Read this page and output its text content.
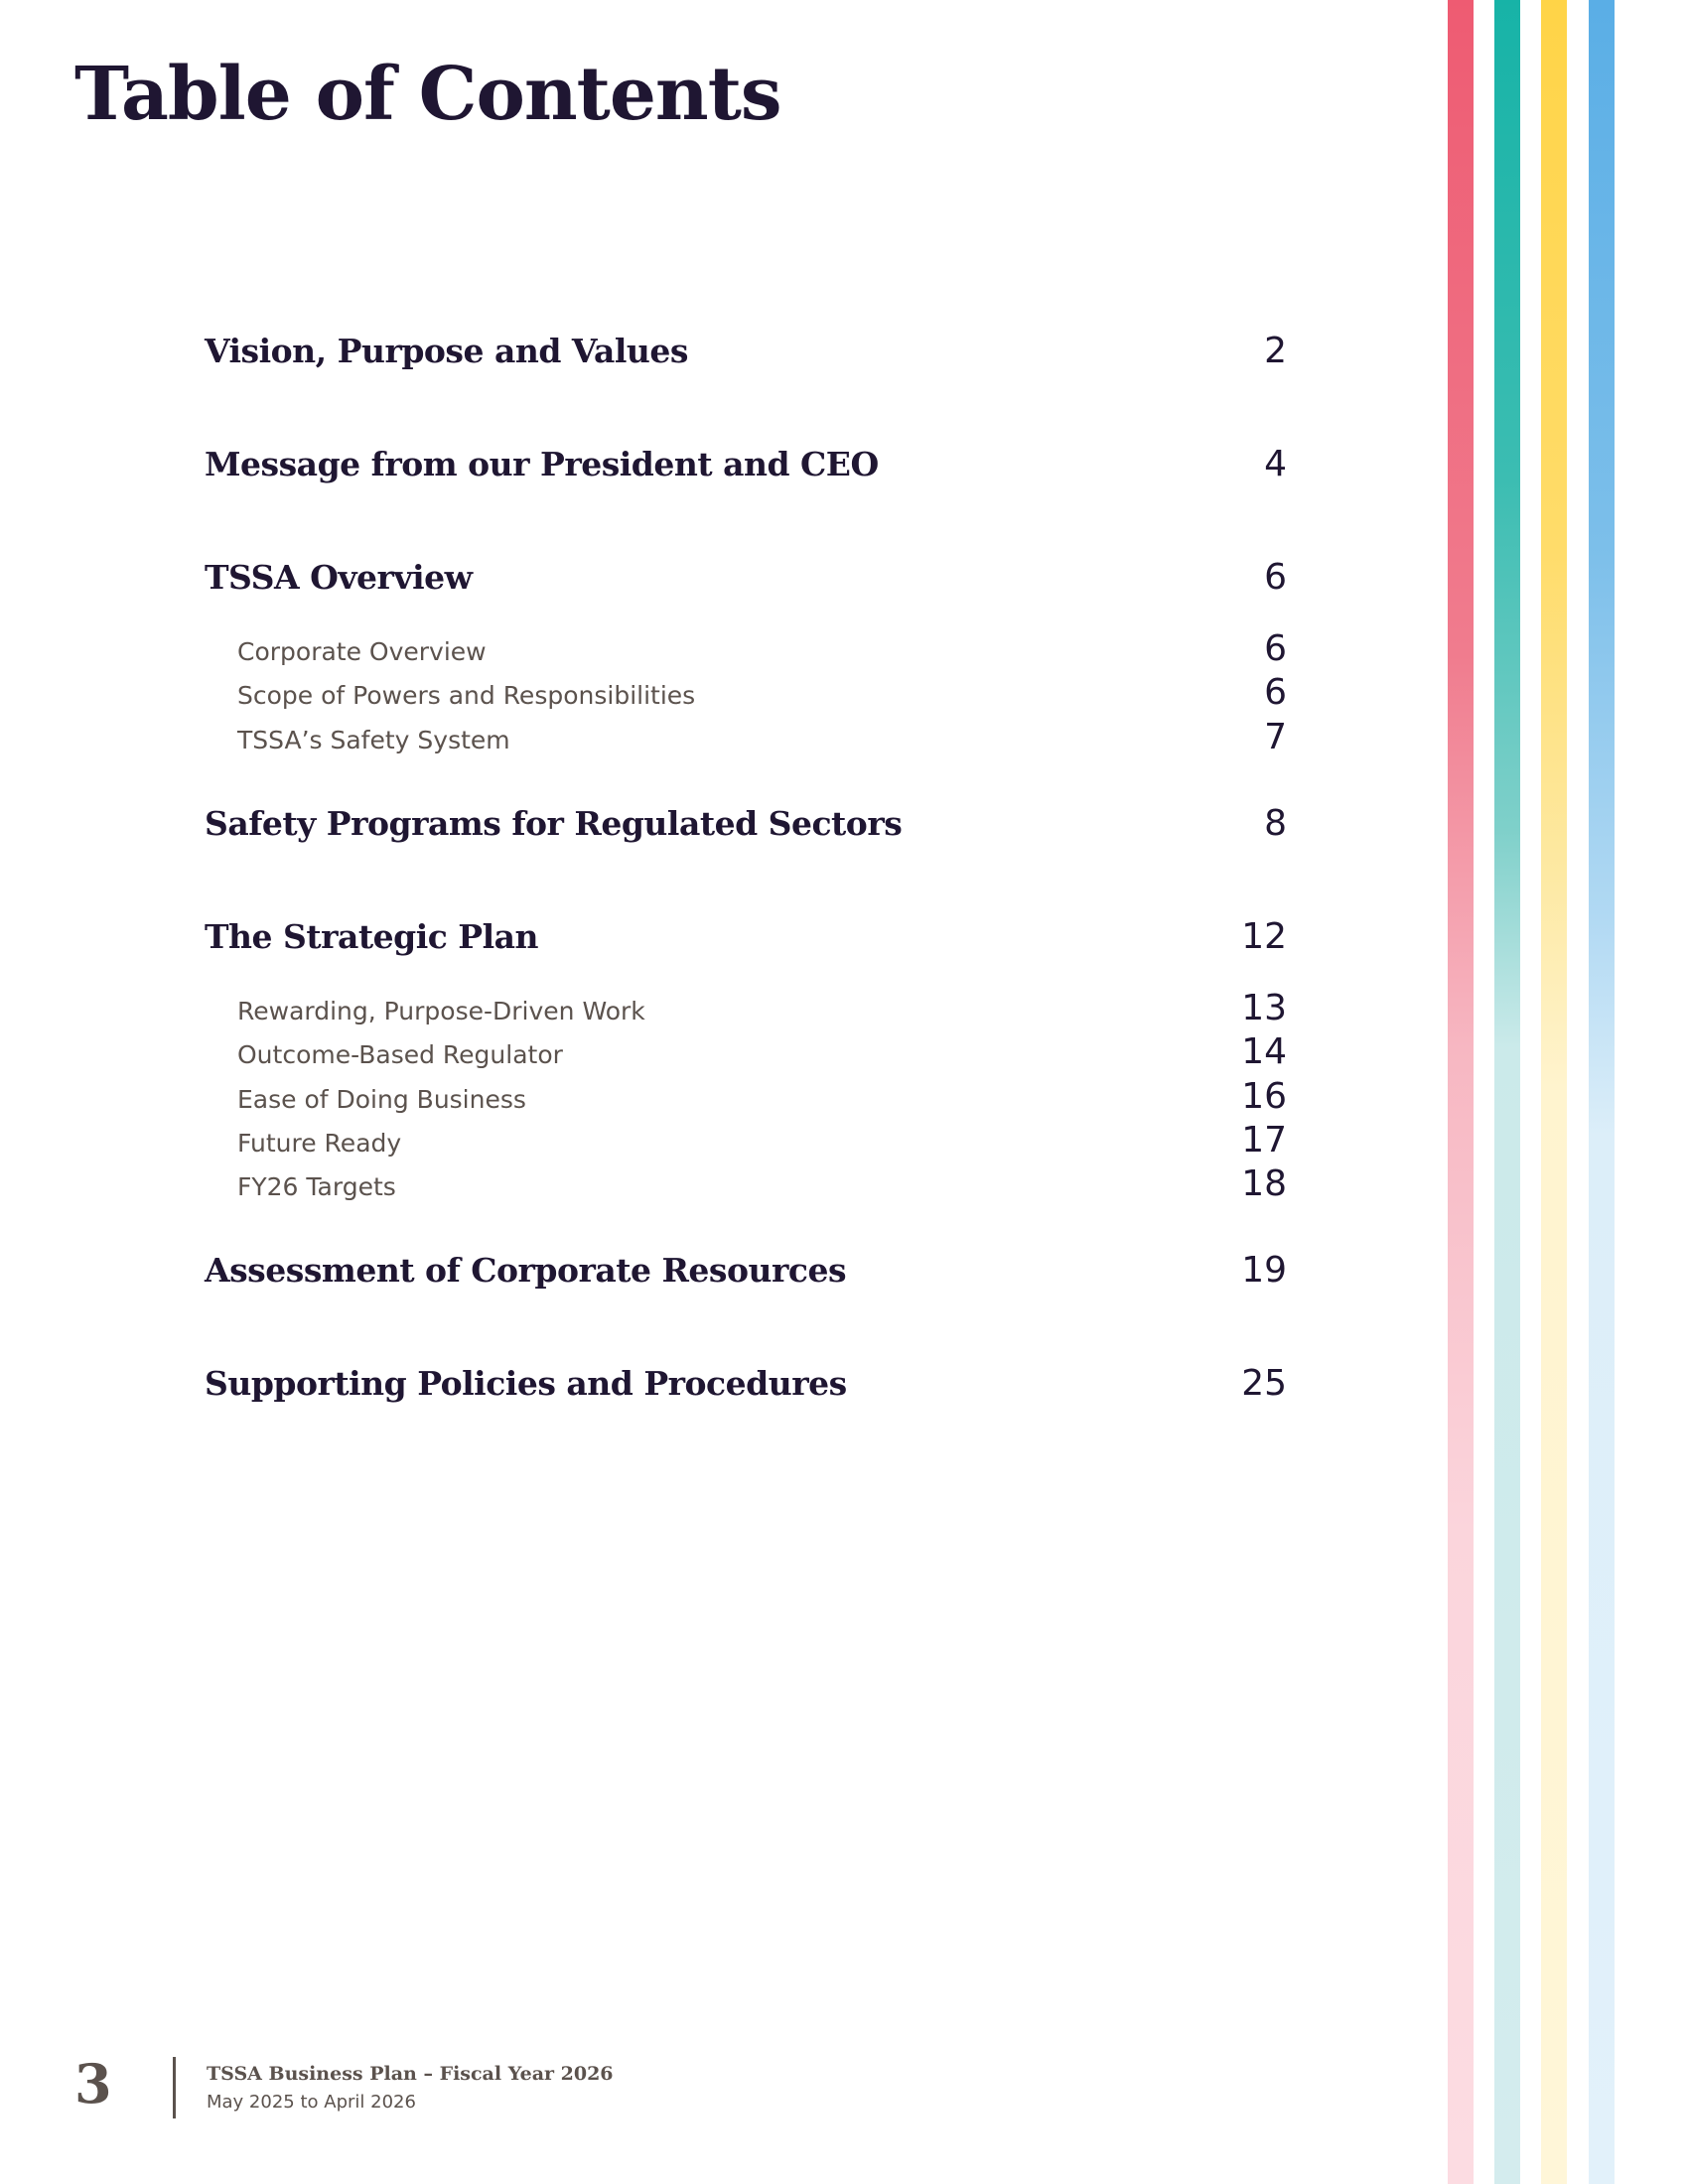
Table of Contents
Vision, Purpose and Values	2
Message from our President and CEO	4
TSSA Overview	6
Corporate Overview	6
Scope of Powers and Responsibilities	6
TSSA’s Safety System	7
Safety Programs for Regulated Sectors	8
The Strategic Plan	12
Rewarding, Purpose-Driven Work	13
Outcome-Based Regulator	14
Ease of Doing Business	16
Future Ready	17
FY26 Targets	18
Assessment of Corporate Resources	19
Supporting Policies and Procedures	25
3	TSSA Business Plan – Fiscal Year 2026
May 2025 to April 2026
